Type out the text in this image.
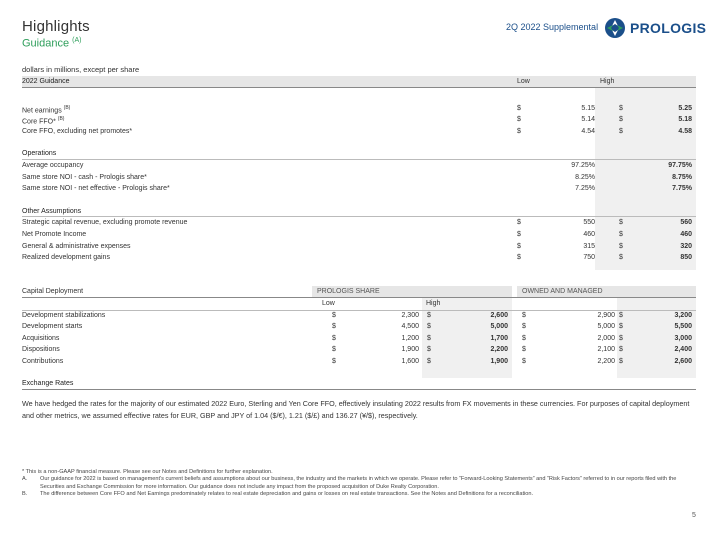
Highlights
Guidance $^{(A)}$
2Q 2022 Supplemental PROLOGIS
dollars in millions, except per share
2022 Guidance	Low	High
Net earnings $^{(B)}$	$	5.15	$	5.25
Core FFO* $^{(B)}$	$	5.14	$	5.18
Core FFO, excluding net promotes*	$	4.54	$	4.58
Operations
Average occupancy	97.25%	97.75%
Same store NOI - cash - Prologis share*	8.25%	8.75%
Same store NOI - net effective - Prologis share*	7.25%	7.75%
Other Assumptions
Strategic capital revenue, excluding promote revenue	$	550	$	560
Net Promote Income	$	460	$	460
General & administrative expenses	$	315	$	320
Realized development gains	$	750	$	850
Capital Deployment	PROLOGIS SHARE	OWNED AND MANAGED
Low	High
Development stabilizations	$	2,300 $	2,600 $	2,900 $	3,200
Development starts	$	4,500 $	5,000 $	5,000 $	5,500
Acquisitions	$	1,200 $	1,700 $	2,000 $	3,000
Dispositions	$	1,900 $	2,200 $	2,100 $	2,400
Contributions	$	1,600 $	1,900 $	2,200 $	2,600
Exchange Rates
We have hedged the rates for the majority of our estimated 2022 Euro, Sterling and Yen Core FFO, effectively insulating 2022 results from FX movements in these currencies. For purposes of capital deployment and other metrics, we assumed effective rates for EUR, GBP and JPY of 1.04 ($/€), 1.21 ($/£) and 136.27 (¥/$), respectively.
* This is a non-GAAP financial measure. Please see our Notes and Definitions for further explanation.
A.	Our guidance for 2022 is based on management’s current beliefs and assumptions about our business, the industry and the markets in which we operate. Please refer to “Forward-Looking Statements” and “Risk Factors” referred to in our reports filed with the Securities and Exchange Commission for more information. Our guidance does not include any impact from the proposed acquisition of Duke Realty Corporation.
B.	The difference between Core FFO and Net Earnings predominately relates to real estate depreciation and gains or losses on real estate transactions. See the Notes and Definitions for a reconciliation.
5
